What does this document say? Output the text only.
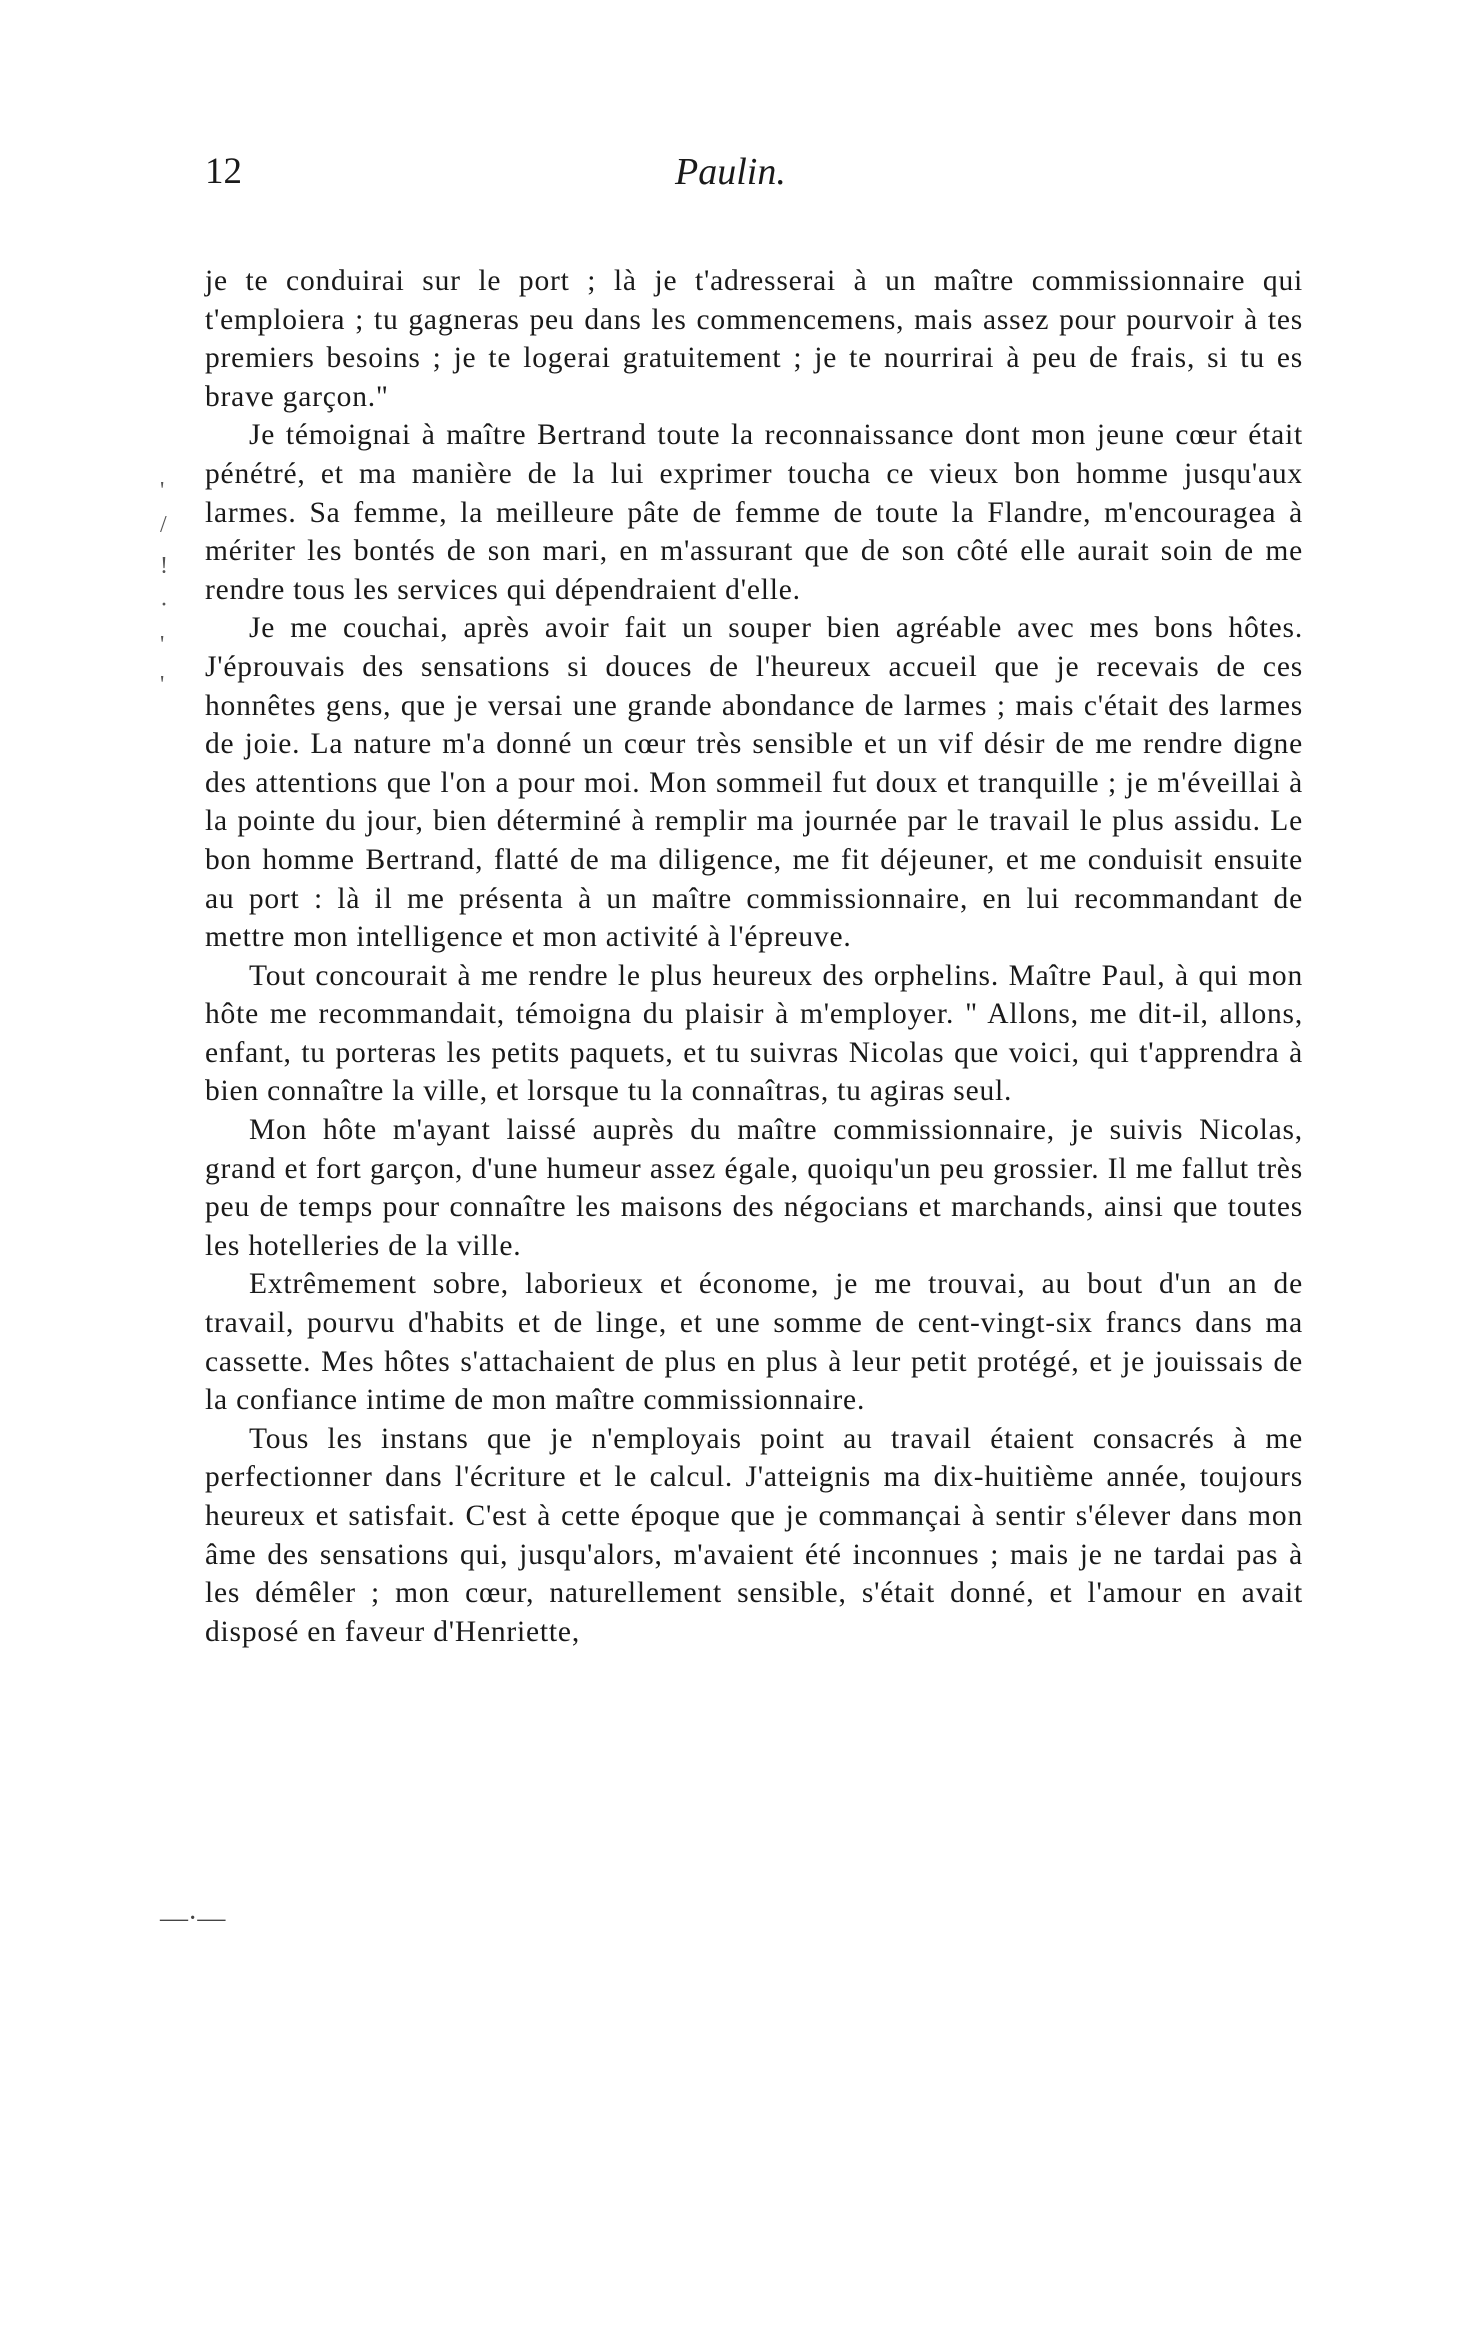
12	Paulin.
'
/
!
·
'
'
—·—

je te conduirai sur le port ; là je t'adresserai à un maître commissionnaire qui t'emploiera ; tu gagneras peu dans les commencemens, mais assez pour pourvoir à tes premiers besoins ; je te logerai gratuitement ; je te nourrirai à peu de frais, si tu es brave garçon."

Je témoignai à maître Bertrand toute la reconnaissance dont mon jeune cœur était pénétré, et ma manière de la lui exprimer toucha ce vieux bon homme jusqu'aux larmes. Sa femme, la meilleure pâte de femme de toute la Flandre, m'encouragea à mériter les bontés de son mari, en m'assurant que de son côté elle aurait soin de me rendre tous les services qui dépendraient d'elle.

Je me couchai, après avoir fait un souper bien agréable avec mes bons hôtes. J'éprouvais des sensations si douces de l'heureux accueil que je recevais de ces honnêtes gens, que je versai une grande abondance de larmes ; mais c'était des larmes de joie. La nature m'a donné un cœur très sensible et un vif désir de me rendre digne des attentions que l'on a pour moi. Mon sommeil fut doux et tranquille ; je m'éveillai à la pointe du jour, bien déterminé à remplir ma journée par le travail le plus assidu. Le bon homme Bertrand, flatté de ma diligence, me fit déjeuner, et me conduisit ensuite au port : là il me présenta à un maître commissionnaire, en lui recommandant de mettre mon intelligence et mon activité à l'épreuve.

Tout concourait à me rendre le plus heureux des orphelins. Maître Paul, à qui mon hôte me recommandait, témoigna du plaisir à m'employer. " Allons, me dit-il, allons, enfant, tu porteras les petits paquets, et tu suivras Nicolas que voici, qui t'apprendra à bien connaître la ville, et lorsque tu la connaîtras, tu agiras seul.

Mon hôte m'ayant laissé auprès du maître commissionnaire, je suivis Nicolas, grand et fort garçon, d'une humeur assez égale, quoiqu'un peu grossier. Il me fallut très peu de temps pour connaître les maisons des négocians et marchands, ainsi que toutes les hotelleries de la ville.

Extrêmement sobre, laborieux et économe, je me trouvai, au bout d'un an de travail, pourvu d'habits et de linge, et une somme de cent-vingt-six francs dans ma cassette. Mes hôtes s'attachaient de plus en plus à leur petit protégé, et je jouissais de la confiance intime de mon maître commissionnaire.

Tous les instans que je n'employais point au travail étaient consacrés à me perfectionner dans l'écriture et le calcul. J'atteignis ma dix-huitième année, toujours heureux et satisfait. C'est à cette époque que je commançai à sentir s'élever dans mon âme des sensations qui, jusqu'alors, m'avaient été inconnues ; mais je ne tardai pas à les démêler ; mon cœur, naturellement sensible, s'était donné, et l'amour en avait disposé en faveur d'Henriette,
